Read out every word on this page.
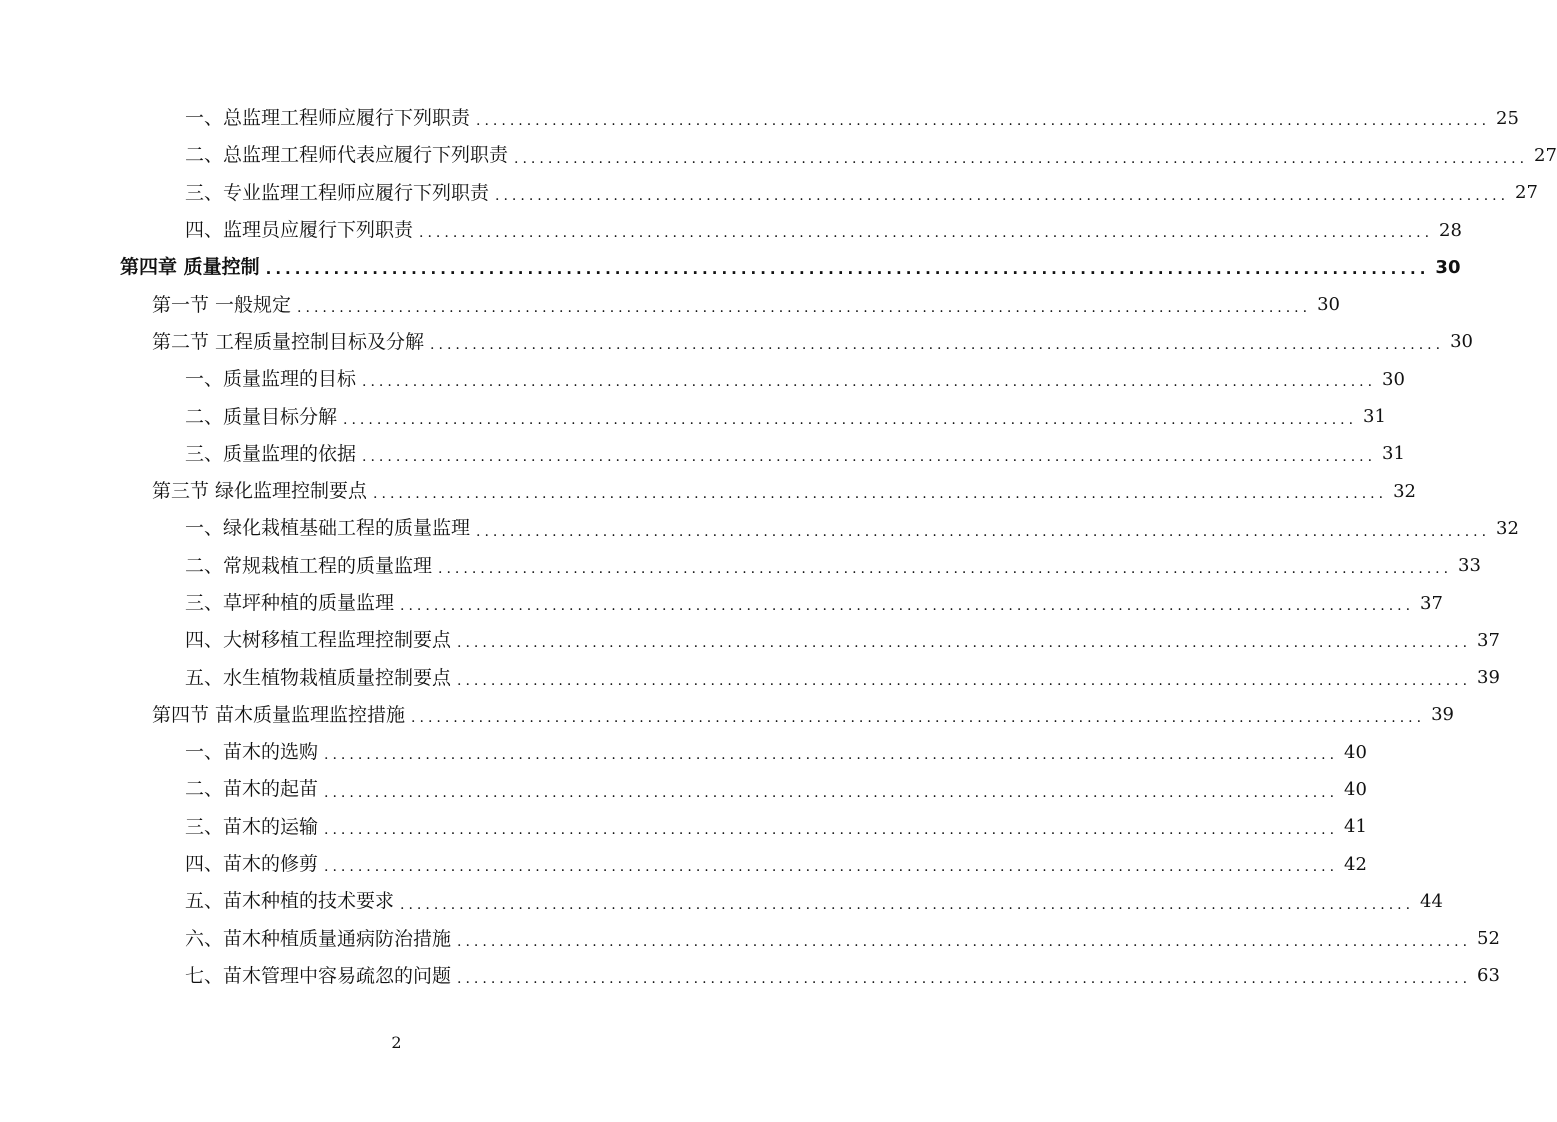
一、总监理工程师应履行下列职责 ........................................................................................................................ 25
二、总监理工程师代表应履行下列职责 ........................................................................................................................ 27
三、专业监理工程师应履行下列职责 ........................................................................................................................ 27
四、监理员应履行下列职责 ........................................................................................................................ 28
第四章 质量控制 ........................................................................................................................ 30
第一节 一般规定 ........................................................................................................................ 30
第二节 工程质量控制目标及分解 ........................................................................................................................ 30
一、质量监理的目标 ........................................................................................................................ 30
二、质量目标分解 ........................................................................................................................ 31
三、质量监理的依据 ........................................................................................................................ 31
第三节 绿化监理控制要点 ........................................................................................................................ 32
一、绿化栽植基础工程的质量监理 ........................................................................................................................ 32
二、常规栽植工程的质量监理 ........................................................................................................................ 33
三、草坪种植的质量监理 ........................................................................................................................ 37
四、大树移植工程监理控制要点 ........................................................................................................................ 37
五、水生植物栽植质量控制要点 ........................................................................................................................ 39
第四节 苗木质量监理监控措施 ........................................................................................................................ 39
一、苗木的选购 ........................................................................................................................ 40
二、苗木的起苗 ........................................................................................................................ 40
三、苗木的运输 ........................................................................................................................ 41
四、苗木的修剪 ........................................................................................................................ 42
五、苗木种植的技术要求 ........................................................................................................................ 44
六、苗木种植质量通病防治措施 ........................................................................................................................ 52
七、苗木管理中容易疏忽的问题 ........................................................................................................................ 63
2
